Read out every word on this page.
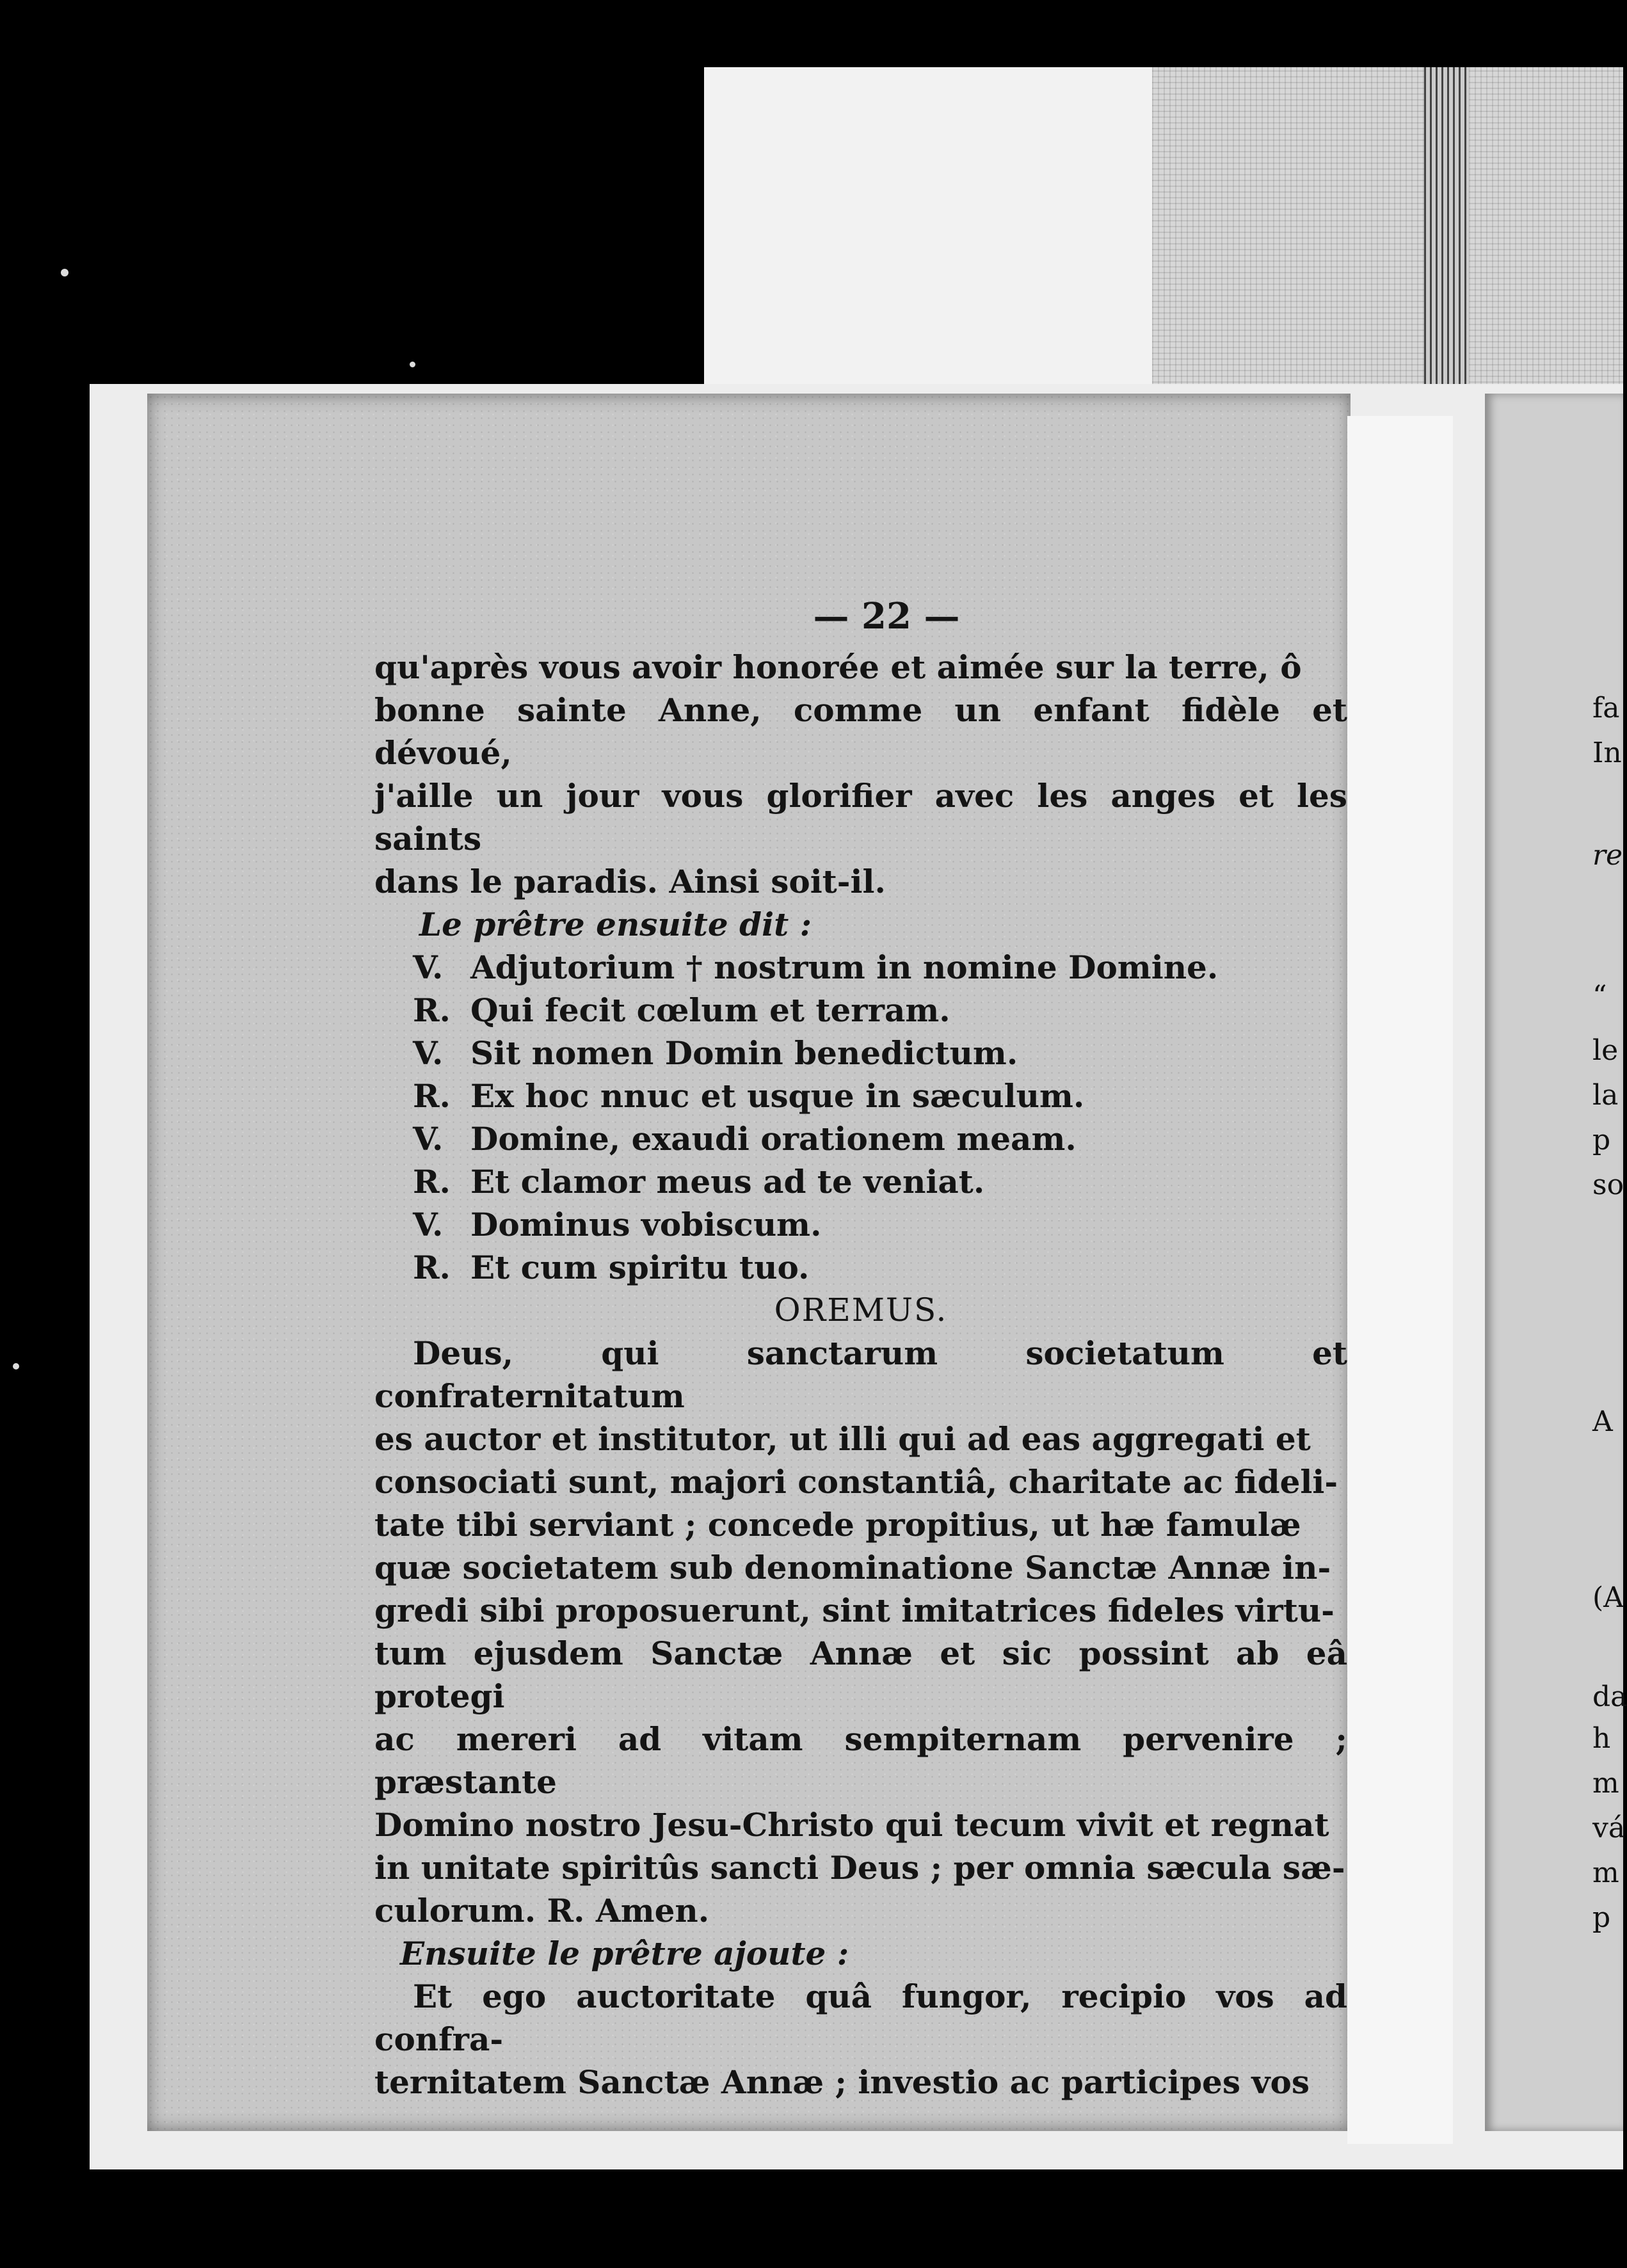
fa
In
re
“
le
la
p
so
A
(A
da
h
m
vá
m
p
— 22 —
qu'après vous avoir honorée et aimée sur la terre, ô
bonne sainte Anne, comme un enfant fidèle et dévoué,
j'aille un jour vous glorifier avec les anges et les saints
dans le paradis. Ainsi soit-il.
Le prêtre ensuite dit :
V. Adjutorium † nostrum in nomine Domine.
R. Qui fecit cœlum et terram.
V. Sit nomen Domin benedictum.
R. Ex hoc nnuc et usque in sæculum.
V. Domine, exaudi orationem meam.
R. Et clamor meus ad te veniat.
V. Dominus vobiscum.
R. Et cum spiritu tuo.
OREMUS.
Deus, qui sanctarum societatum et confraternitatum
es auctor et institutor, ut illi qui ad eas aggregati et
consociati sunt, majori constantiâ, charitate ac fideli-
tate tibi serviant ; concede propitius, ut hæ famulæ
quæ societatem sub denominatione Sanctæ Annæ in-
gredi sibi proposuerunt, sint imitatrices fideles virtu-
tum ejusdem Sanctæ Annæ et sic possint ab eâ protegi
ac mereri ad vitam sempiternam pervenire ; præstante
Domino nostro Jesu-Christo qui tecum vivit et regnat
in unitate spiritûs sancti Deus ; per omnia sæcula sæ-
culorum. R. Amen.
Ensuite le prêtre ajoute :
Et ego auctoritate quâ fungor, recipio vos ad confra-
ternitatem Sanctæ Annæ ; investio ac participes vos
